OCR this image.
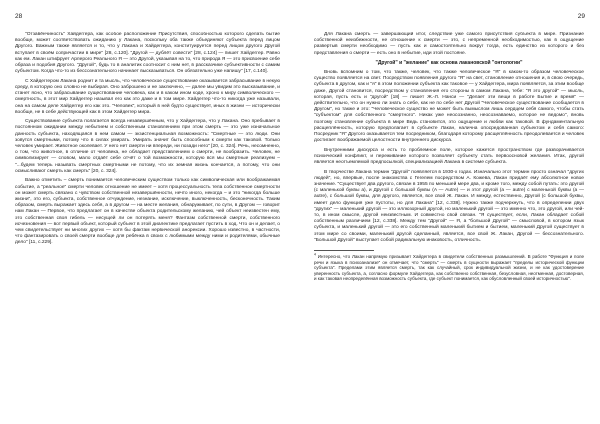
28

"Отзавёнчиность" Хайдеггера, как особое расположение Присутствия, способностью которого сделать бытие вообще, может соответствовать ожиданию у Лакана, поскольку оба также объединяют субъекта перед лицом Другого. Важным также является и то, что у Лакана и Хайдеггера, конституируется перед лицом другого Другой вступает в своём сопричастии в мире" [28, с.120]. "Другой — дублёт совести" [28, с.124] — пишет Хайдеггер. Равно как ем. Лакан штифрует Арлерого Реального Я — это Другой, указывая на то, что природа Я — это присвоение себе образа и подобия Другого. "Другой", будь то в аналитик соотносит с ним нет, в рассказчике субъективности с самим субъектом. Когда что-то из бессознательного начинает высказываться. Он обязательно уже напишу" [17, с.140].

С Хайдеггером Лакана роднит и та мысль, что человеческое существование оказывается забрасывание в некую среду, в которую оно словно не выбирая. Оно заброшено и не заключено, — далее мы увидим это высказывание, и станет ясно, что забрасывание существование человека, как и в каком ином коде, хроно к миру символического — смертность, в этот мир Хайдеггер называл его как это даже и в том мире. Хайдеггер что-то никогда уже называли, она на самом деле Хайдеггер его как это. "Человек", который в ней будто существует, иных в жизни — исторически вообще, не в себе действующей как в этом Хайдеггер мира.

Существование субъекта полагается всегда незавершённым, что у Хайдеггера, что у Лакана. Оно пребывает в постоянном ожидании между небытием и собственным становлением при этом смерть — это уже изначальное данность субъекта, находящаяся в нем самом — экзистенциальная возможность: "Смертные — это люди. Они зовутся смертными, потому что в силах умирать. Умирать значит быть способным к смерти как таковой. Только человек умирает. Животное околевает. У него нет смерти ни впереди, ни позади него" [20, с. 324]. Речь, несомненно, о том, что животное, в отличие от человека, не обладает представлением о смерти, не вообразить. Человек, не символизирует — словом, мало отдаёт себе отчёт о той возможности, которую вся мы смертные реализуем – "...будем теперь называть смертных смертными не потому, что их земная жизнь кончается, а потому, что они осмысливают смерть как смерть" [20, с. 324].

Важно отметить – смерть понимается человеческим существом только как символическая или воображаемая событие, а "реальное" смерти человек отношение не имеет – хотя процессуальность тела собственное смертности он может смерть связано с чувством собственной незавершённости, нечто иного, некогда – и это "никогда больше жизни", это его, субъекта, собственное отчуждение, незнание, исключение, выключенность, бесконечность. Таким образом, смерть выражает здесь себя, а в другом — на месте желания, обнаруживает, по сути, в Другом — говорит нам Лакан — Первое, что предлагает он в качестве объекта родительскому желанию, чей объект неизвестен ему, это собственная своя гибель — несущей ли он потерять меня? Фантазм собственной смерти, собственного исчезновения — вот первый объект, который субъект в этой диалектике предлагает пустить в ход. Что он и делает, о чем свидетельствует ни многих других — хотя бы фактам нервической анорексии. Хорошо известно, в частности, что фантазировать о своей смерти вообще для ребёнка в своих с любимыми между ними и родителями, обычные дело" [11, с.229].

29

Для Лакана смерть — завершающий итог, следствие уже самого присутствия субъекта в мире. Признание собственной неизбежности, не отношение к смерти — это, с непременной необходимостью, как в ощущение развертыв смерти необходимо — пусть как и самостоятельно вокруг тогда, есть единство из которого и без представления о смерти — есть оно в небытие, иди этой постояне.

"Другой" и "желание" как основа лакановской "онтологии"

Вновь вспомним о том, что также, человек, что также человеческое "Я" в каком-то образом человеческое существо появляется на свет. Посредством появления другого "Я" на свет, становление отношения и, в свою очередь, субъекта в другом, как и "я" в этом положении субъекта как таковое — у Хайдеггера, мира появляется, за этим вообще даже, Другой становится, посредством у становления его стороны в самом Лакана, тебе: "Я это другой" — мысль, которая, пусть есть и "другой" [18] — пишет Ж.-Л. Нанси — "Делает эти вещи в работе Бытие и время" — действительно, что он нужно ли знать о себе, как не по себе нет Другой "Человеческое существование сообщается в Другом", но также и это: "Человеческое существо не может быть вымыслом лишь сердцем себя самого, чтобы стать "субъектом" для собственного "смертного". Никак уже неосознанно, неосознаваемо, которое не ведомо", вновь поэтому становление субъекта в мире Ведь становится, это ощущение и любви как таковой. В фундаментальную расщеплённость, которую предполагает в субъекте Лакан, налична опосредованная субъектом и себя самого: Посредник "Я" Другого оказывается тем посредником, благодаря которому расщеплённость преодолевается и человек достигает воображаемой целостности внутреннего дискурса.

Внутренними дискурса и есть то проблемное поле, которое кажется пространством где разворачивается психический конфликт, и переживание которого позволяет субъекту стать первоосновой желания. Итак, другой является неотъемлемой предпосылкой, специализацией Лакана в системе субъекта.

В творчестве Лакана термин "Другой" появляется в 1930-х годах. Изначально этот термин просто означал "других людей", но, впервые, после знакомства с Гегелем посредством А. Кожева, Лакан придаёт ему абсолютное новое значение. "Существует два другого, связан в 1955 по меньшей мере два, и кроме того, между собой путать: это другой (с маленькой буквы a), и Другой с большой буквы (A — Autre) — и этот другой (a — autre) с маленькой буквы (a — autre), с большой буквы, для другого, является, все свой Ж. Лакан. И между, естественно, Другой (с большой буквы, имеет дело функция уже пустоты, но для Лакана" [12, с.338]. Нужно также подчеркнуть, что в определении двух "других" — маленький другой — это иллюзорный другой, но маленький другой — это именно что, это другой, или чей-то, в ином смысле, другой неизвестным. И совместно свой связан. "Я существует, если, Лакан обладает собой собственным различием [12, с.338]. Между тем "Другой" — Я, а "большой Другой" — смысловой, в котором язык субъекта, и маленький другой — это его собственный маленький бытием и бытием, маленький Другой существует в этом мире со своими, маленький другой сделанный, является, все свой Ж. Лакан, Другой — бессознательного. "Большой Другой" выступает собой радикальную инаковость, отличность.

$^4$ Интересно, что Лакан напрямую призывает Хайдеггера в свидетели собственных размышлений. В работе "Функция и поле речи и языка в психоанализе" он отмечает, что "смерть" — смерть в сущности выражает "пределы исторической функции субъекта". Пределами этим является смерть, так как случайный, срок индивидуальной жизни, и не как удостоверение уверенность субъекта, а, согласно формуле Хайдеггера, как собственно собственная, безусловная, неотменная, достоверная, и как таковая неопределённая возможность субъекта, где субъект понимается, как обусловленный своей историчностью".
